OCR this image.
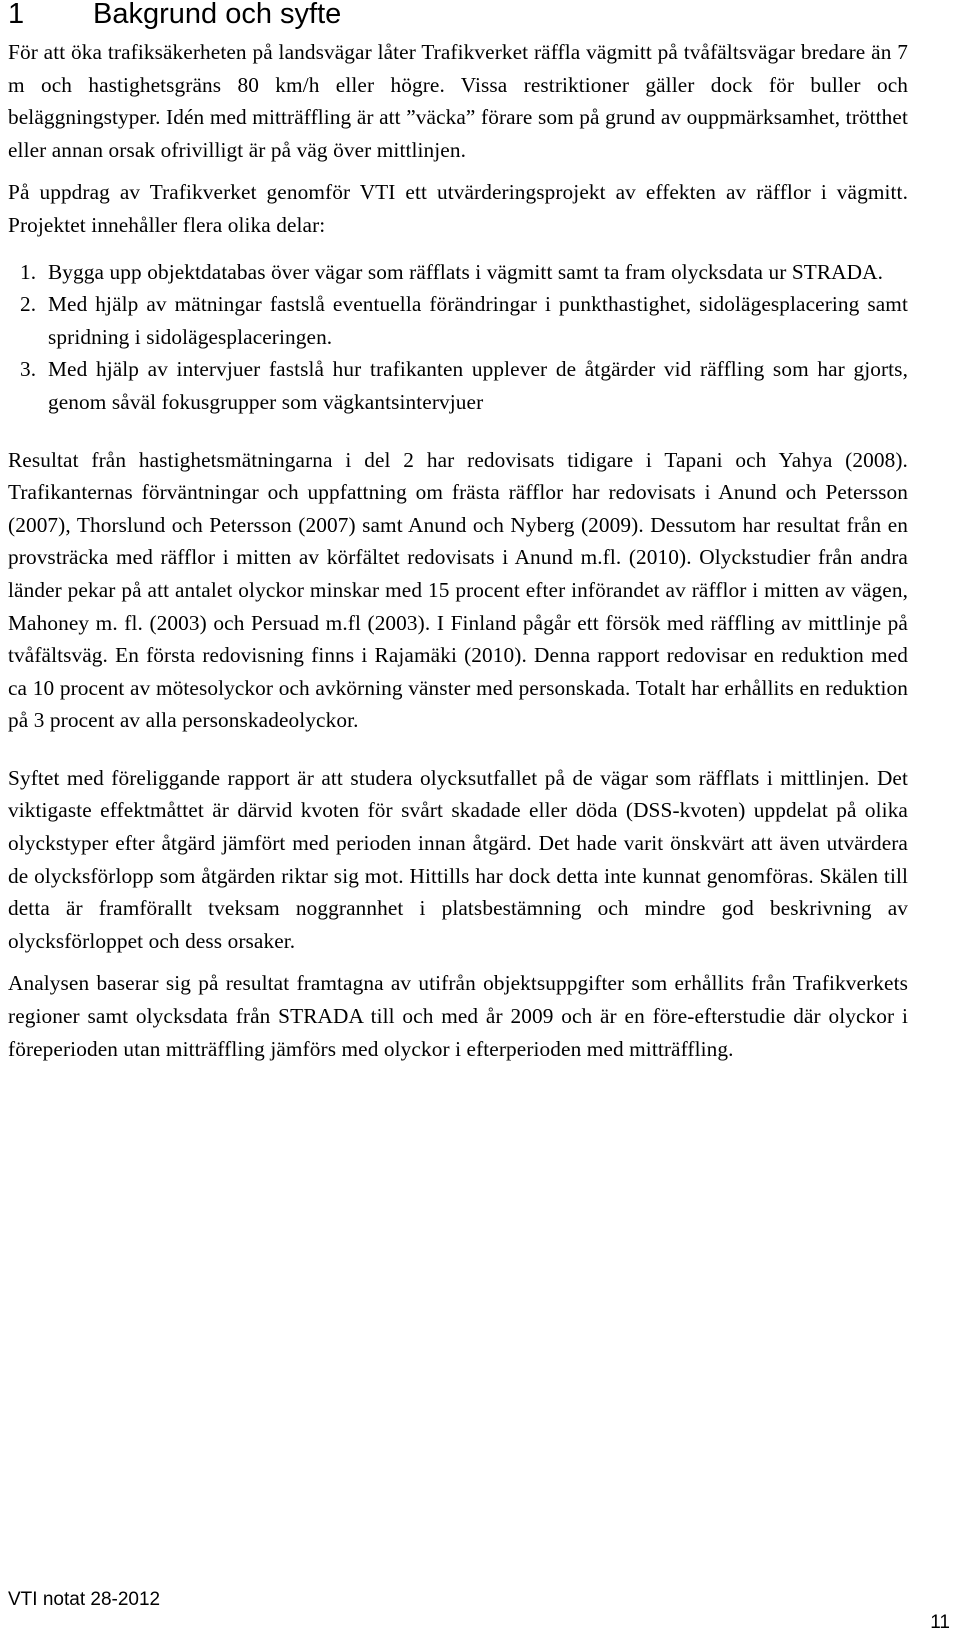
1 Bakgrund och syfte

För att öka trafiksäkerheten på landsvägar låter Trafikverket räffla vägmitt på tvåfältsvägar bredare än 7 m och hastighetsgräns 80 km/h eller högre. Vissa restriktioner gäller dock för buller och beläggningstyper. Idén med mitträffling är att ”väcka” förare som på grund av ouppmärksamhet, trötthet eller annan orsak ofrivilligt är på väg över mittlinjen.

På uppdrag av Trafikverket genomför VTI ett utvärderingsprojekt av effekten av räfflor i vägmitt. Projektet innehåller flera olika delar:

1. Bygga upp objektdatabas över vägar som räfflats i vägmitt samt ta fram olycksdata ur STRADA.
2. Med hjälp av mätningar fastslå eventuella förändringar i punkthastighet, sidolägesplacering samt spridning i sidolägesplaceringen.
3. Med hjälp av intervjuer fastslå hur trafikanten upplever de åtgärder vid räffling som har gjorts, genom såväl fokusgrupper som vägkantsintervjuer

Resultat från hastighetsmätningarna i del 2 har redovisats tidigare i Tapani och Yahya (2008). Trafikanternas förväntningar och uppfattning om frästa räfflor har redovisats i Anund och Petersson (2007), Thorslund och Petersson (2007) samt Anund och Nyberg (2009). Dessutom har resultat från en provsträcka med räfflor i mitten av körfältet redovisats i Anund m.fl. (2010). Olyckstudier från andra länder pekar på att antalet olyckor minskar med 15 procent efter införandet av räfflor i mitten av vägen, Mahoney m. fl. (2003) och Persuad m.fl (2003). I Finland pågår ett försök med räffling av mittlinje på tvåfältsväg. En första redovisning finns i Rajamäki (2010). Denna rapport redovisar en reduktion med ca 10 procent av mötesolyckor och avkörning vänster med personskada. Totalt har erhållits en reduktion på 3 procent av alla personskadeolyckor.

Syftet med föreliggande rapport är att studera olycksutfallet på de vägar som räfflats i mittlinjen. Det viktigaste effektmåttet är därvid kvoten för svårt skadade eller döda (DSS-kvoten) uppdelat på olika olyckstyper efter åtgärd jämfört med perioden innan åtgärd. Det hade varit önskvärt att även utvärdera de olycksförlopp som åtgärden riktar sig mot. Hittills har dock detta inte kunnat genomföras. Skälen till detta är framförallt tveksam noggrannhet i platsbestämning och mindre god beskrivning av olycksförloppet och dess orsaker.

Analysen baserar sig på resultat framtagna av utifrån objektsuppgifter som erhållits från Trafikverkets regioner samt olycksdata från STRADA till och med år 2009 och är en före-efterstudie där olyckor i föreperioden utan mitträffling jämförs med olyckor i efterperioden med mitträffling.

VTI notat 28-2012
11
